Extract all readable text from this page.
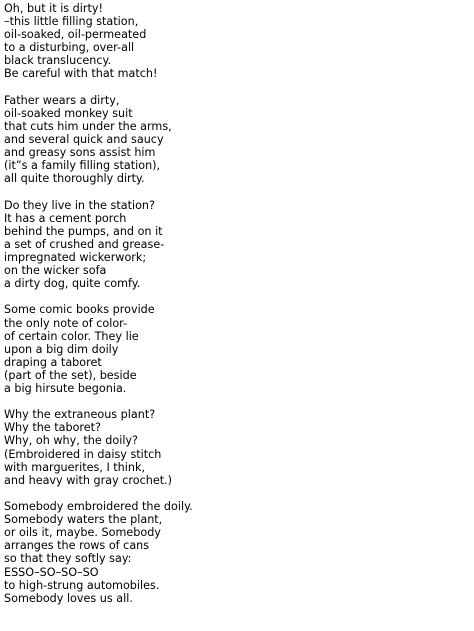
Oh, but it is dirty!
–this little filling station,
oil-soaked, oil-permeated
to a disturbing, over-all
black translucency.
Be careful with that match!
Father wears a dirty,
oil-soaked monkey suit
that cuts him under the arms,
and several quick and saucy
and greasy sons assist him
(it”s a family filling station),
all quite thoroughly dirty.
Do they live in the station?
It has a cement porch
behind the pumps, and on it
a set of crushed and grease-
impregnated wickerwork;
on the wicker sofa
a dirty dog, quite comfy.
Some comic books provide
the only note of color-
of certain color. They lie
upon a big dim doily
draping a taboret
(part of the set), beside
a big hirsute begonia.
Why the extraneous plant?
Why the taboret?
Why, oh why, the doily?
(Embroidered in daisy stitch
with marguerites, I think,
and heavy with gray crochet.)
Somebody embroidered the doily.
Somebody waters the plant,
or oils it, maybe. Somebody
arranges the rows of cans
so that they softly say:
ESSO–SO–SO–SO
to high-strung automobiles.
Somebody loves us all.
